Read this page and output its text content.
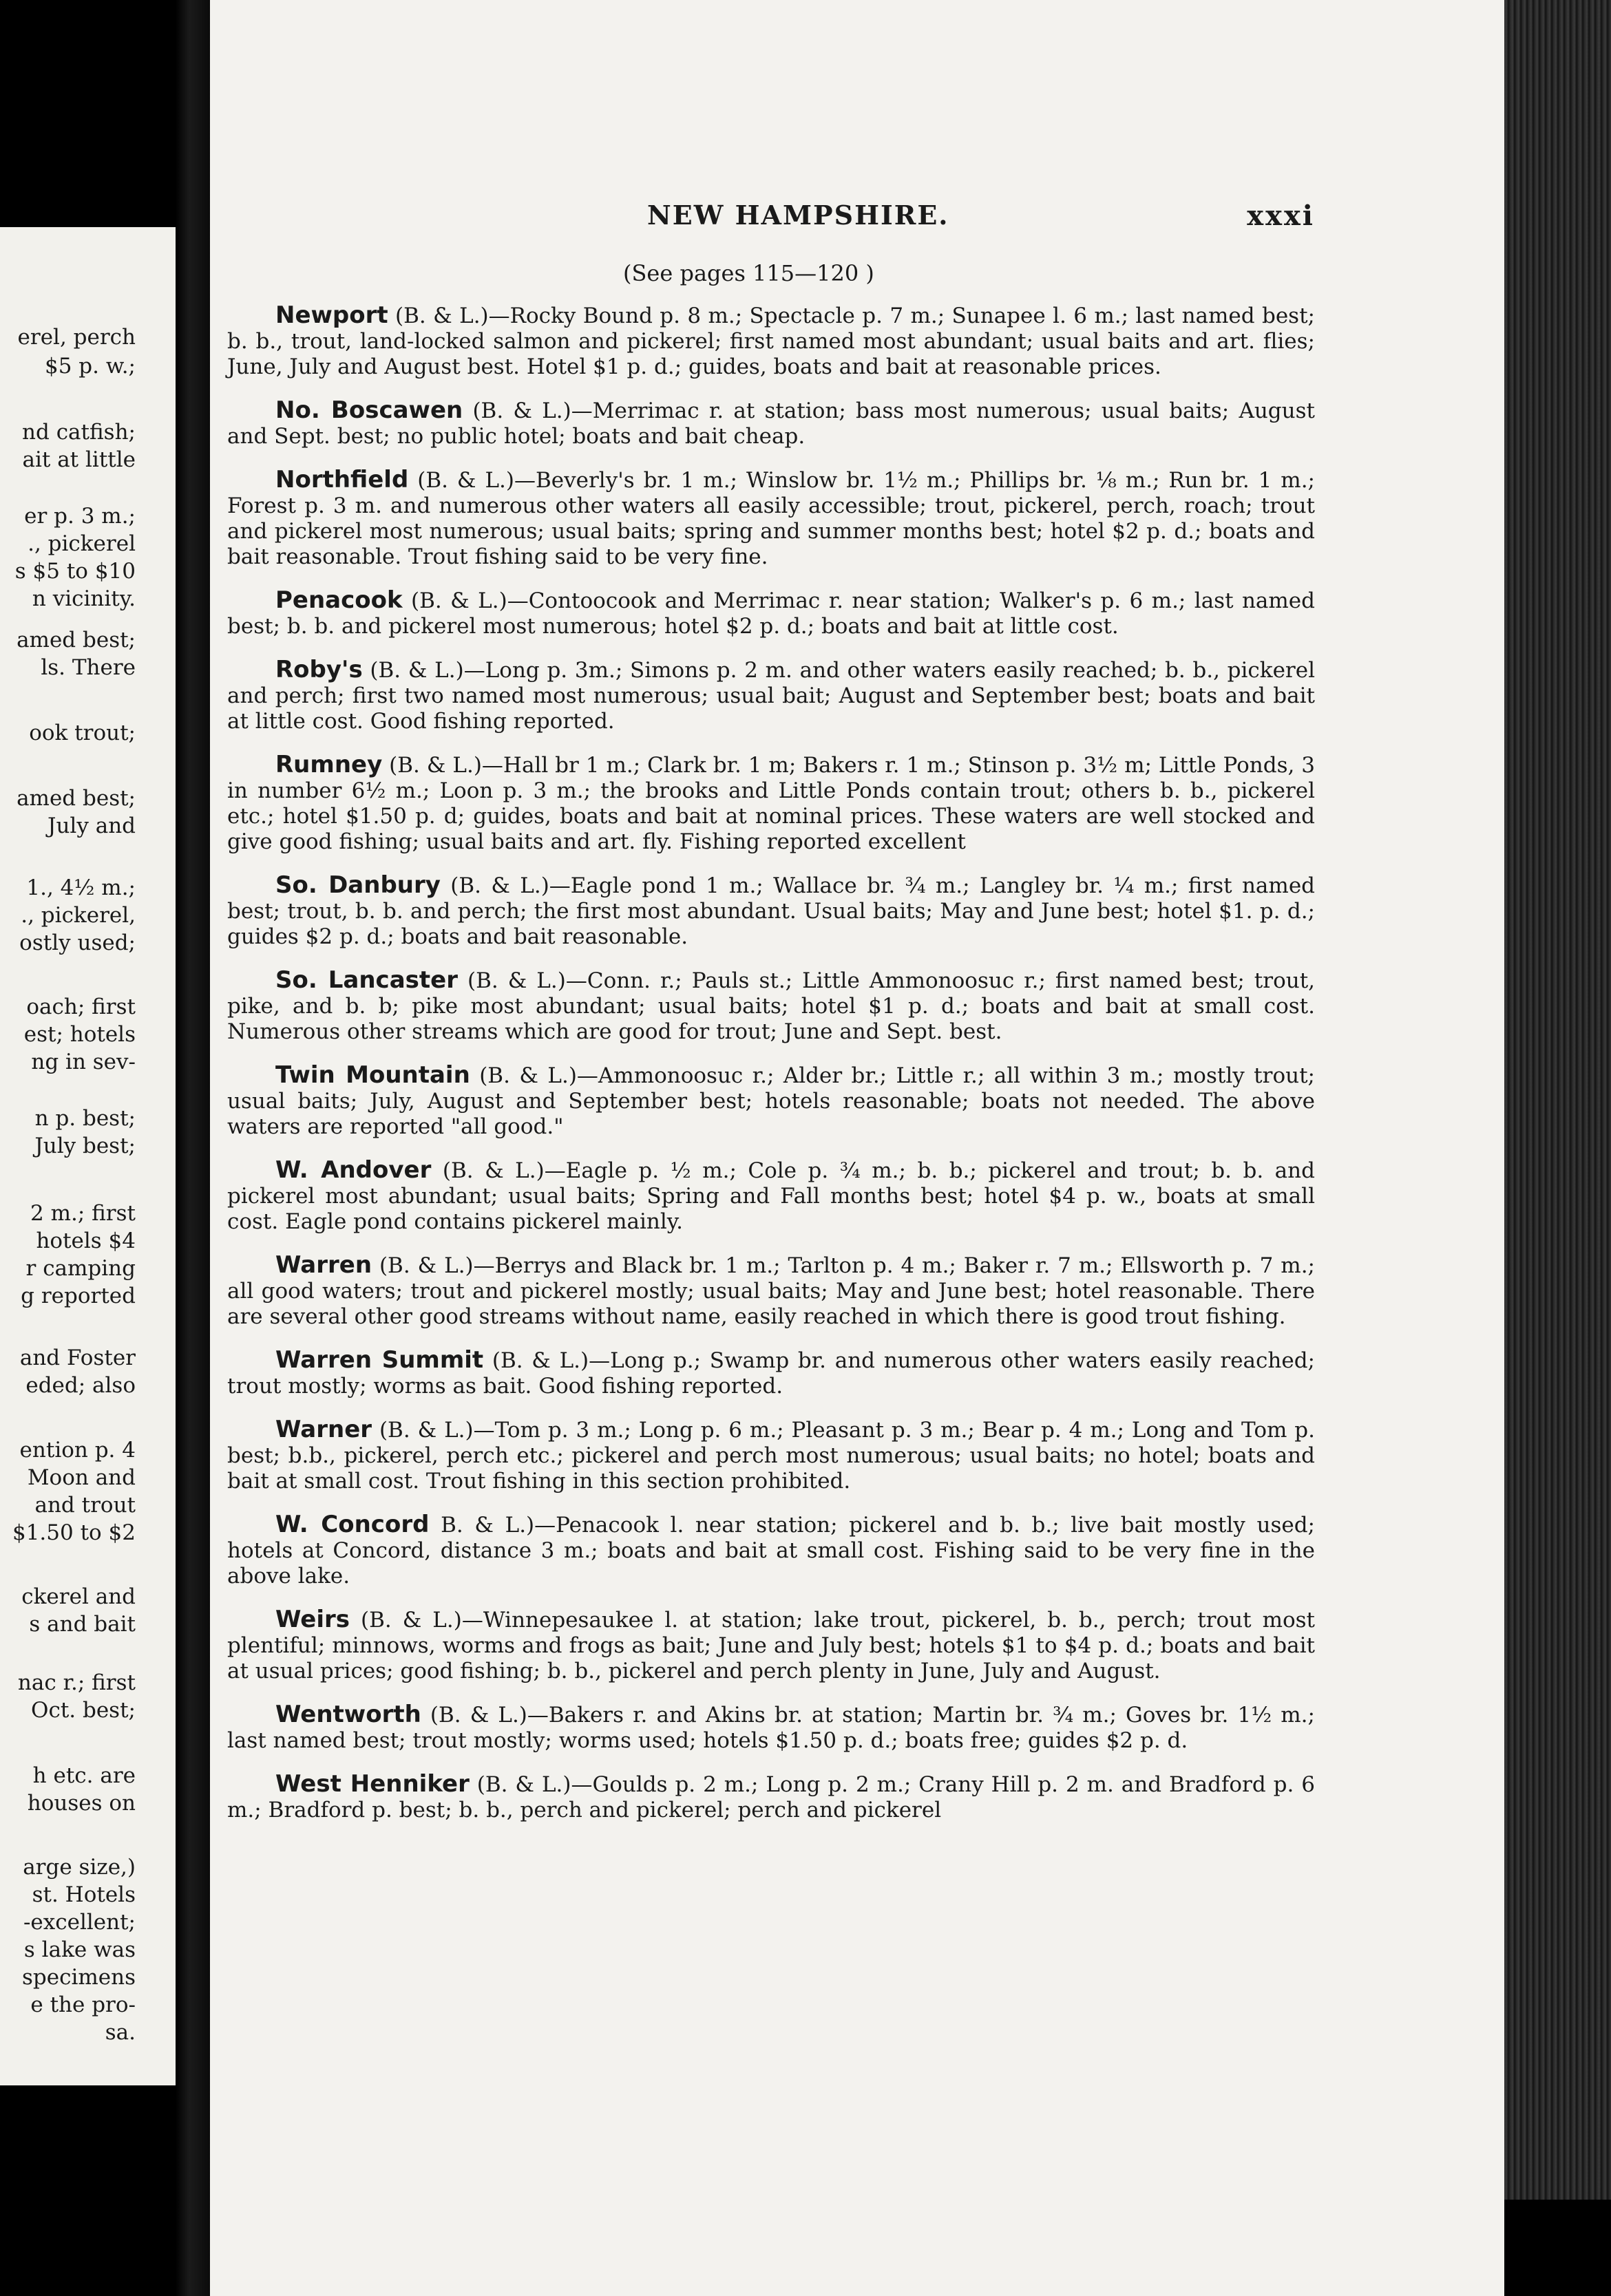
erel, perch
$5 p. w.;
nd catfish;
ait at little
er p. 3 m.;
., pickerel
s $5 to $10
n vicinity.
amed best;
ls. There
ook trout;
amed best;
July and
1., 4½ m.;
., pickerel,
ostly used;
oach; first
est; hotels
ng in sev-
n p. best;
July best;
2 m.; first
hotels $4
r camping
g reported
and Foster
eded; also
ention p. 4
Moon and
and trout
$1.50 to $2
ckerel and
s and bait
nac r.; first
Oct. best;
h etc. are
houses on
arge size,)
st. Hotels
-excellent;
s lake was
specimens
e the pro-
sa.
NEW HAMPSHIRE.	xxxi
(See pages 115—120 )
Newport (B. & L.)—Rocky Bound p. 8 m.; Spectacle p. 7 m.; Sunapee l. 6 m.; last named best; b. b., trout, land-locked salmon and pickerel; first named most abundant; usual baits and art. flies; June, July and August best. Hotel $1 p. d.; guides, boats and bait at reasonable prices.
No. Boscawen (B. & L.)—Merrimac r. at station; bass most numerous; usual baits; August and Sept. best; no public hotel; boats and bait cheap.
Northfield (B. & L.)—Beverly's br. 1 m.; Winslow br. 1½ m.; Phillips br. ⅛ m.; Run br. 1 m.; Forest p. 3 m. and numerous other waters all easily accessible; trout, pickerel, perch, roach; trout and pickerel most numerous; usual baits; spring and summer months best; hotel $2 p. d.; boats and bait reasonable. Trout fishing said to be very fine.
Penacook (B. & L.)—Contoocook and Merrimac r. near station; Walker's p. 6 m.; last named best; b. b. and pickerel most numerous; hotel $2 p. d.; boats and bait at little cost.
Roby's (B. & L.)—Long p. 3m.; Simons p. 2 m. and other waters easily reached; b. b., pickerel and perch; first two named most numerous; usual bait; August and September best; boats and bait at little cost. Good fishing reported.
Rumney (B. & L.)—Hall br 1 m.; Clark br. 1 m; Bakers r. 1 m.; Stinson p. 3½ m; Little Ponds, 3 in number 6½ m.; Loon p. 3 m.; the brooks and Little Ponds contain trout; others b. b., pickerel etc.; hotel $1.50 p. d; guides, boats and bait at nominal prices. These waters are well stocked and give good fishing; usual baits and art. fly. Fishing reported excellent
So. Danbury (B. & L.)—Eagle pond 1 m.; Wallace br. ¾ m.; Langley br. ¼ m.; first named best; trout, b. b. and perch; the first most abundant. Usual baits; May and June best; hotel $1. p. d.; guides $2 p. d.; boats and bait reasonable.
So. Lancaster (B. & L.)—Conn. r.; Pauls st.; Little Ammonoosuc r.; first named best; trout, pike, and b. b; pike most abundant; usual baits; hotel $1 p. d.; boats and bait at small cost. Numerous other streams which are good for trout; June and Sept. best.
Twin Mountain (B. & L.)—Ammonoosuc r.; Alder br.; Little r.; all within 3 m.; mostly trout; usual baits; July, August and September best; hotels reasonable; boats not needed. The above waters are reported "all good."
W. Andover (B. & L.)—Eagle p. ½ m.; Cole p. ¾ m.; b. b.; pickerel and trout; b. b. and pickerel most abundant; usual baits; Spring and Fall months best; hotel $4 p. w., boats at small cost. Eagle pond contains pickerel mainly.
Warren (B. & L.)—Berrys and Black br. 1 m.; Tarlton p. 4 m.; Baker r. 7 m.; Ellsworth p. 7 m.; all good waters; trout and pickerel mostly; usual baits; May and June best; hotel reasonable. There are several other good streams without name, easily reached in which there is good trout fishing.
Warren Summit (B. & L.)—Long p.; Swamp br. and numerous other waters easily reached; trout mostly; worms as bait. Good fishing reported.
Warner (B. & L.)—Tom p. 3 m.; Long p. 6 m.; Pleasant p. 3 m.; Bear p. 4 m.; Long and Tom p. best; b.b., pickerel, perch etc.; pickerel and perch most numerous; usual baits; no hotel; boats and bait at small cost. Trout fishing in this section prohibited.
W. Concord B. & L.)—Penacook l. near station; pickerel and b. b.; live bait mostly used; hotels at Concord, distance 3 m.; boats and bait at small cost. Fishing said to be very fine in the above lake.
Weirs (B. & L.)—Winnepesaukee l. at station; lake trout, pickerel, b. b., perch; trout most plentiful; minnows, worms and frogs as bait; June and July best; hotels $1 to $4 p. d.; boats and bait at usual prices; good fishing; b. b., pickerel and perch plenty in June, July and August.
Wentworth (B. & L.)—Bakers r. and Akins br. at station; Martin br. ¾ m.; Goves br. 1½ m.; last named best; trout mostly; worms used; hotels $1.50 p. d.; boats free; guides $2 p. d.
West Henniker (B. & L.)—Goulds p. 2 m.; Long p. 2 m.; Crany Hill p. 2 m. and Bradford p. 6 m.; Bradford p. best; b. b., perch and pickerel; perch and pickerel
